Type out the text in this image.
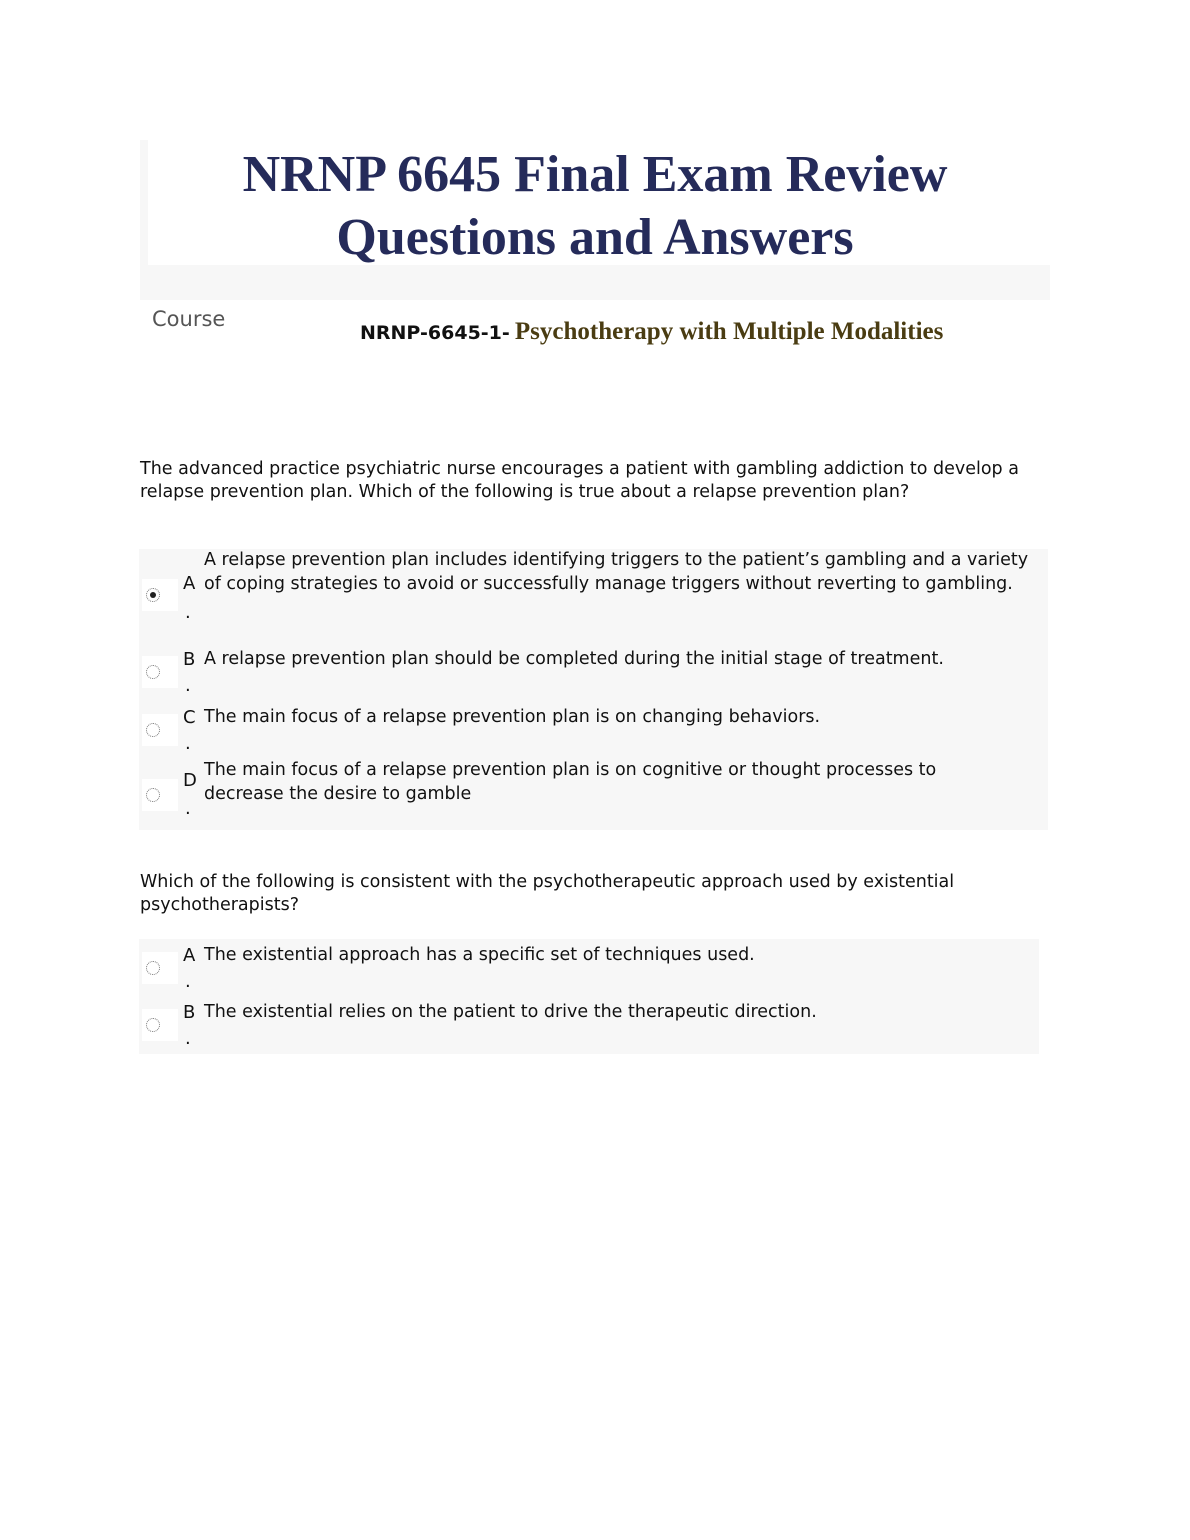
NRNP 6645 Final Exam Review
Questions and Answers
Course
NRNP-6645-1- Psychotherapy with Multiple Modalities

The advanced practice psychiatric nurse encourages a patient with gambling addiction to develop a relapse prevention plan. Which of the following is true about a relapse prevention plan?

A
.
A relapse prevention plan includes identifying triggers to the patient’s gambling and a variety of coping strategies to avoid or successfully manage triggers without reverting to gambling.
B
.
A relapse prevention plan should be completed during the initial stage of treatment.
C
.
The main focus of a relapse prevention plan is on changing behaviors.
D
.
The main focus of a relapse prevention plan is on cognitive or thought processes to decrease the desire to gamble

Which of the following is consistent with the psychotherapeutic approach used by existential psychotherapists?

A
.
The existential approach has a specific set of techniques used.
B
.
The existential relies on the patient to drive the therapeutic direction.
